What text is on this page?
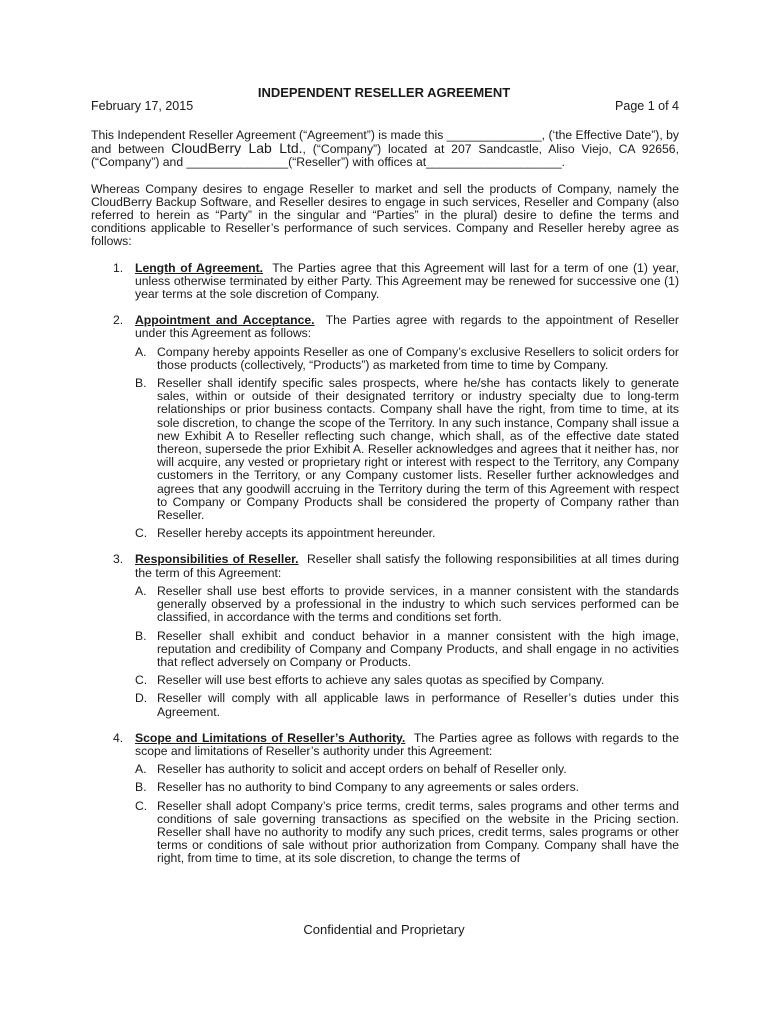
INDEPENDENT RESELLER AGREEMENT
February 17, 2015	Page 1 of 4

This Independent Reseller Agreement (“Agreement”) is made this ______________, (‘the Effective Date”), by and between CloudBerry Lab Ltd., (“Company”) located at 207 Sandcastle, Aliso Viejo, CA 92656, (“Company”) and _______________(“Reseller”) with offices at____________________.

Whereas Company desires to engage Reseller to market and sell the products of Company, namely the CloudBerry Backup Software, and Reseller desires to engage in such services, Reseller and Company (also referred to herein as “Party” in the singular and “Parties” in the plural) desire to define the terms and conditions applicable to Reseller’s performance of such services. Company and Reseller hereby agree as follows:

1. Length of Agreement. The Parties agree that this Agreement will last for a term of one (1) year, unless otherwise terminated by either Party. This Agreement may be renewed for successive one (1) year terms at the sole discretion of Company.

2. Appointment and Acceptance. The Parties agree with regards to the appointment of Reseller under this Agreement as follows:

A. Company hereby appoints Reseller as one of Company’s exclusive Resellers to solicit orders for those products (collectively, “Products”) as marketed from time to time by Company.

B. Reseller shall identify specific sales prospects, where he/she has contacts likely to generate sales, within or outside of their designated territory or industry specialty due to long-term relationships or prior business contacts. Company shall have the right, from time to time, at its sole discretion, to change the scope of the Territory. In any such instance, Company shall issue a new Exhibit A to Reseller reflecting such change, which shall, as of the effective date stated thereon, supersede the prior Exhibit A. Reseller acknowledges and agrees that it neither has, nor will acquire, any vested or proprietary right or interest with respect to the Territory, any Company customers in the Territory, or any Company customer lists. Reseller further acknowledges and agrees that any goodwill accruing in the Territory during the term of this Agreement with respect to Company or Company Products shall be considered the property of Company rather than Reseller.

C. Reseller hereby accepts its appointment hereunder.

3. Responsibilities of Reseller. Reseller shall satisfy the following responsibilities at all times during the term of this Agreement:

A. Reseller shall use best efforts to provide services, in a manner consistent with the standards generally observed by a professional in the industry to which such services performed can be classified, in accordance with the terms and conditions set forth.

B. Reseller shall exhibit and conduct behavior in a manner consistent with the high image, reputation and credibility of Company and Company Products, and shall engage in no activities that reflect adversely on Company or Products.

C. Reseller will use best efforts to achieve any sales quotas as specified by Company.

D. Reseller will comply with all applicable laws in performance of Reseller’s duties under this Agreement.

4. Scope and Limitations of Reseller’s Authority. The Parties agree as follows with regards to the scope and limitations of Reseller’s authority under this Agreement:

A. Reseller has authority to solicit and accept orders on behalf of Reseller only.

B. Reseller has no authority to bind Company to any agreements or sales orders.

C. Reseller shall adopt Company’s price terms, credit terms, sales programs and other terms and conditions of sale governing transactions as specified on the website in the Pricing section. Reseller shall have no authority to modify any such prices, credit terms, sales programs or other terms or conditions of sale without prior authorization from Company. Company shall have the right, from time to time, at its sole discretion, to change the terms of

Confidential and Proprietary
